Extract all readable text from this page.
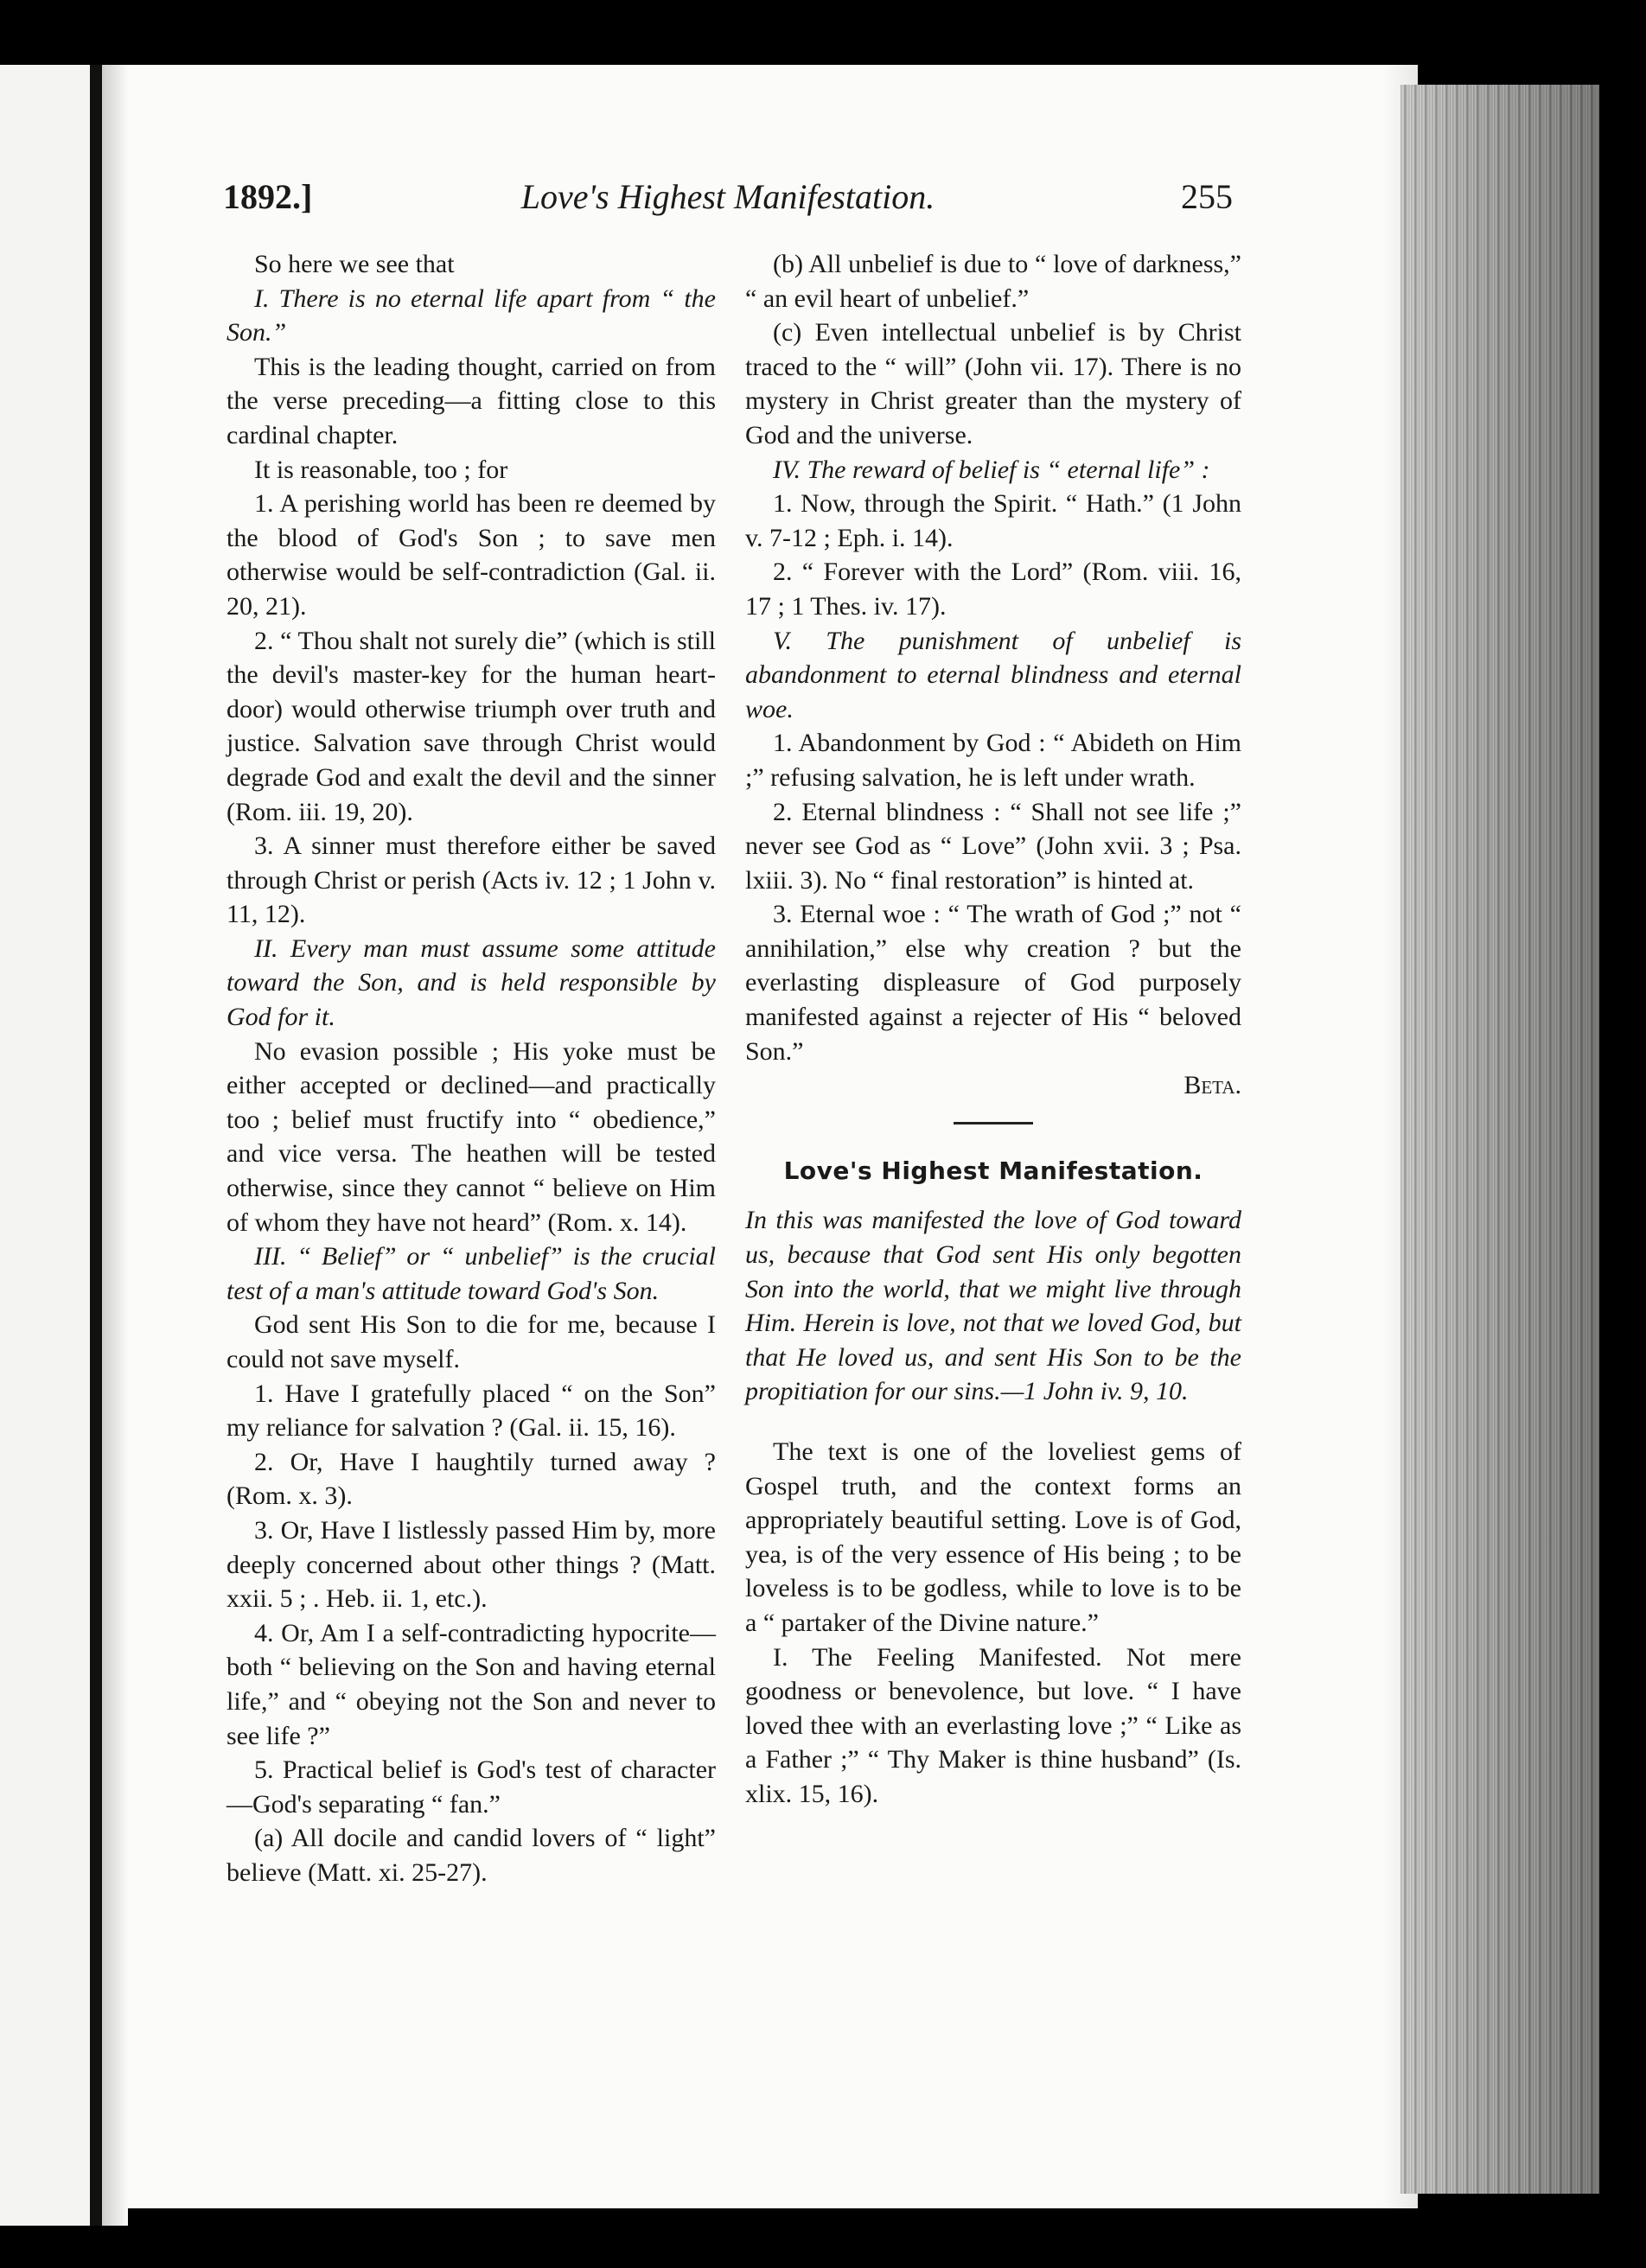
1892.]	Love's Highest Manifestation.	255

So here we see that

I. There is no eternal life apart from “ the Son.”

This is the leading thought, carried on from the verse preceding—a fitting close to this cardinal chapter.

It is reasonable, too ; for

1. A perishing world has been re deemed by the blood of God's Son ; to save men otherwise would be self-contradiction (Gal. ii. 20, 21).

2. “ Thou shalt not surely die” (which is still the devil's master-key for the human heart-door) would otherwise triumph over truth and justice. Salvation save through Christ would degrade God and exalt the devil and the sinner (Rom. iii. 19, 20).

3. A sinner must therefore either be saved through Christ or perish (Acts iv. 12 ; 1 John v. 11, 12).

II. Every man must assume some attitude toward the Son, and is held responsible by God for it.

No evasion possible ; His yoke must be either accepted or declined—and practically too ; belief must fructify into “ obedience,” and vice versa. The heathen will be tested otherwise, since they cannot “ believe on Him of whom they have not heard” (Rom. x. 14).

III. “ Belief” or “ unbelief” is the crucial test of a man's attitude toward God's Son.

God sent His Son to die for me, because I could not save myself.

1. Have I gratefully placed “ on the Son” my reliance for salvation ? (Gal. ii. 15, 16).

2. Or, Have I haughtily turned away ? (Rom. x. 3).

3. Or, Have I listlessly passed Him by, more deeply concerned about other things ? (Matt. xxii. 5 ; . Heb. ii. 1, etc.).

4. Or, Am I a self-contradicting hypocrite—both “ believing on the Son and having eternal life,” and “ obeying not the Son and never to see life ?”

5. Practical belief is God's test of character—God's separating “ fan.”

(a) All docile and candid lovers of “ light” believe (Matt. xi. 25-27).

(b) All unbelief is due to “ love of darkness,” “ an evil heart of unbelief.”

(c) Even intellectual unbelief is by Christ traced to the “ will” (John vii. 17). There is no mystery in Christ greater than the mystery of God and the universe.

IV. The reward of belief is “ eternal life” :

1. Now, through the Spirit. “ Hath.” (1 John v. 7-12 ; Eph. i. 14).

2. “ Forever with the Lord” (Rom. viii. 16, 17 ; 1 Thes. iv. 17).

V. The punishment of unbelief is abandonment to eternal blindness and eternal woe.

1. Abandonment by God : “ Abideth on Him ;” refusing salvation, he is left under wrath.

2. Eternal blindness : “ Shall not see life ;” never see God as “ Love” (John xvii. 3 ; Psa. lxiii. 3). No “ final restoration” is hinted at.

3. Eternal woe : “ The wrath of God ;” not “ annihilation,” else why creation ? but the everlasting displeasure of God purposely manifested against a rejecter of His “ beloved Son.”

Beta.

Love's Highest Manifestation.

In this was manifested the love of God toward us, because that God sent His only begotten Son into the world, that we might live through Him. Herein is love, not that we loved God, but that He loved us, and sent His Son to be the propitiation for our sins.—1 John iv. 9, 10.

The text is one of the loveliest gems of Gospel truth, and the context forms an appropriately beautiful setting. Love is of God, yea, is of the very essence of His being ; to be loveless is to be godless, while to love is to be a “ partaker of the Divine nature.”

I. The Feeling Manifested. Not mere goodness or benevolence, but love. “ I have loved thee with an everlasting love ;” “ Like as a Father ;” “ Thy Maker is thine husband” (Is. xlix. 15, 16).
